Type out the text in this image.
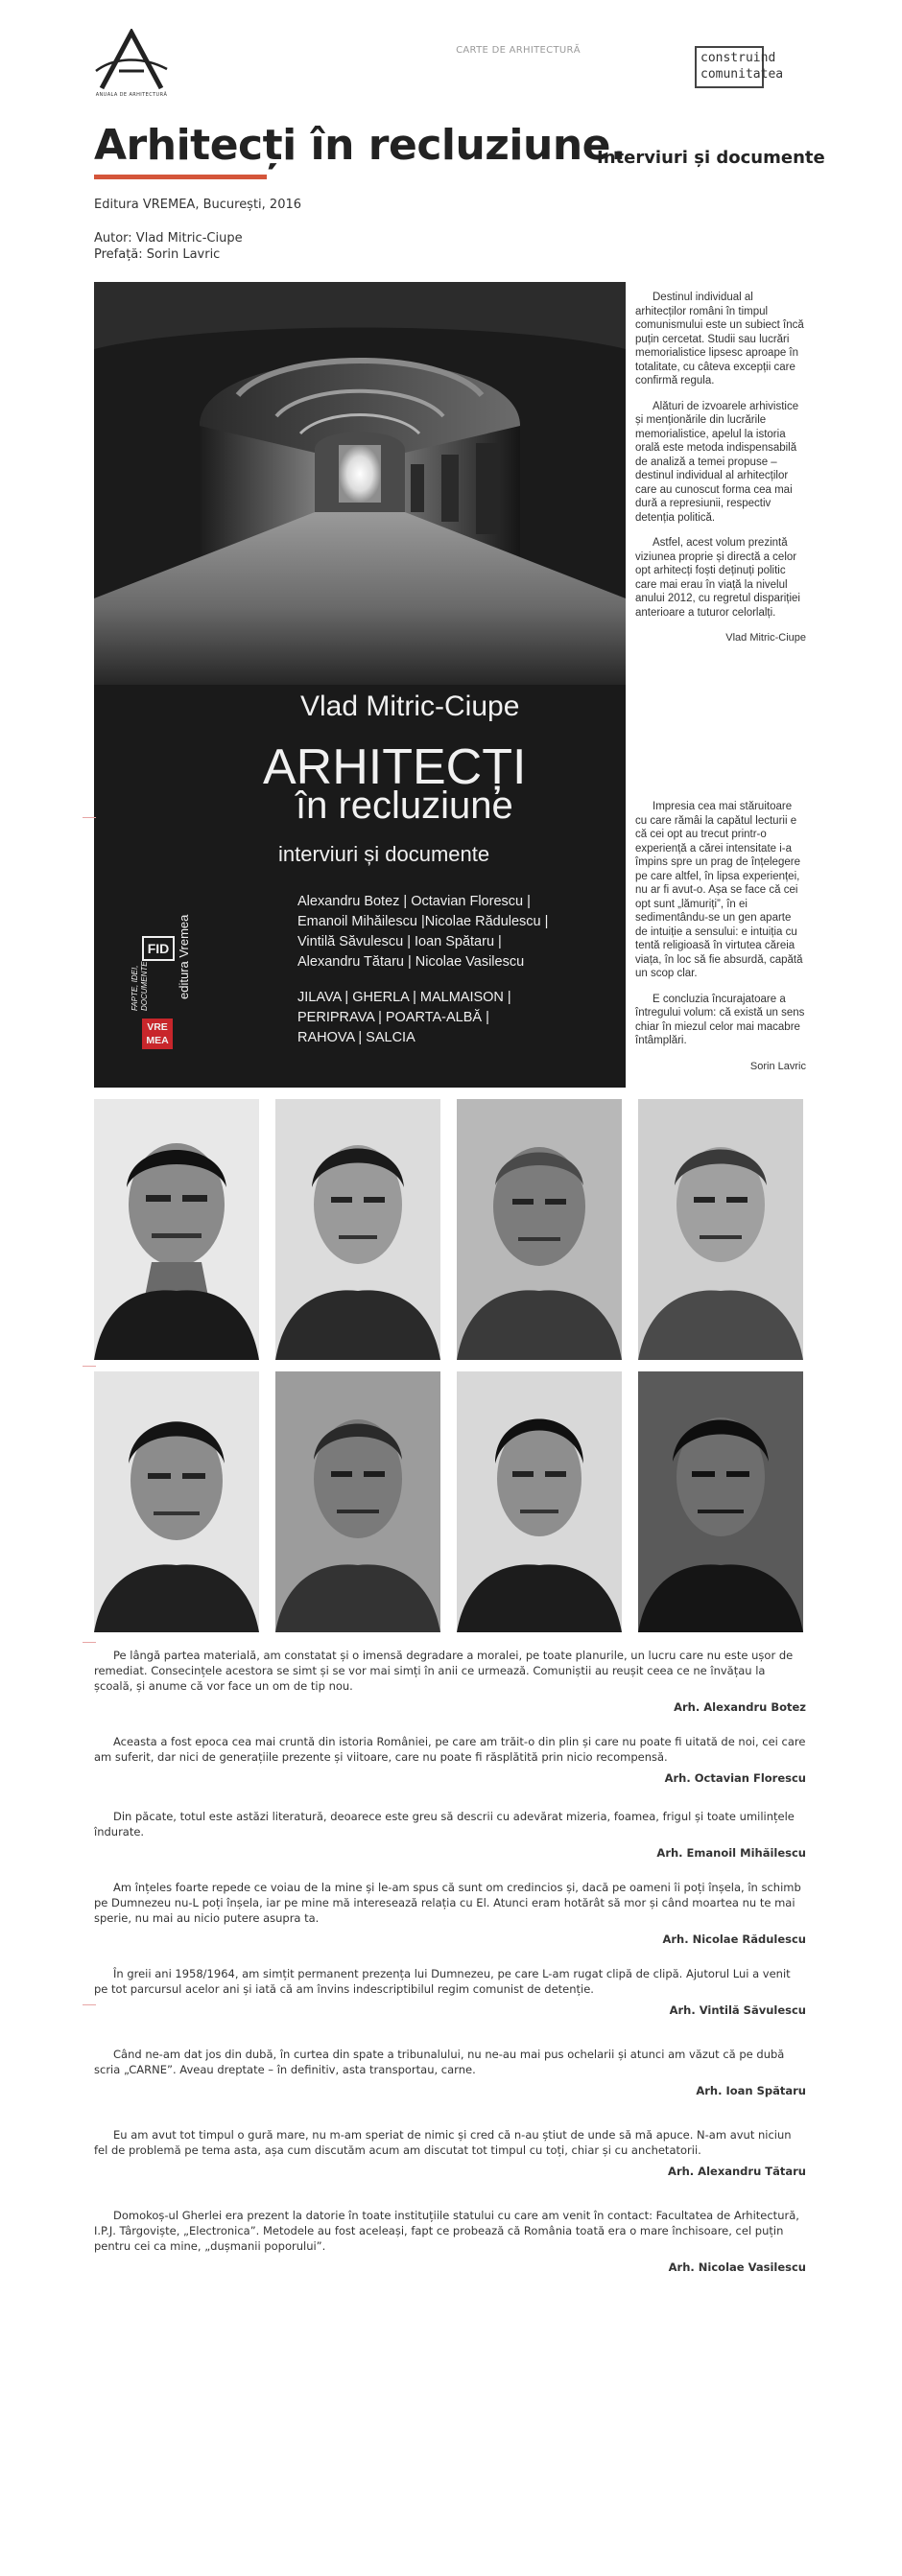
ANUALA DE ARHITECTURĂ
CARTE DE ARHITECTURĂ
construind
comunitatea
Arhitecți în recluziune.
Interviuri și documente
Editura VREMEA, București, 2016
Autor: Vlad Mitric-Ciupe
Prefață: Sorin Lavric
Vlad Mitric-Ciupe
ARHITECȚI
în recluziune
interviuri și documente
Alexandru Botez | Octavian Florescu |
Emanoil Mihăilescu |Nicolae Rădulescu |
Vintilă Săvulescu | Ioan Spătaru |
Alexandru Tătaru | Nicolae Vasilescu
JILAVA | GHERLA | MALMAISON |
PERIPRAVA | POARTA-ALBĂ |
RAHOVA | SALCIA
FID
FAPTE, IDEI, DOCUMENTE editura Vremea
VRE
MEA

Destinul individual al arhitecților români în timpul comunismului este un subiect încă puțin cercetat. Studii sau lucrări memorialistice lipsesc aproape în totalitate, cu câteva excepții care confirmă regula.

Alături de izvoarele arhivistice și menționările din lucrările memorialistice, apelul la istoria orală este metoda indispensabilă de analiză a temei propuse – destinul individual al arhitecților care au cunoscut forma cea mai dură a represiunii, respectiv detenția politică.

Astfel, acest volum prezintă viziunea proprie și directă a celor opt arhitecți foști deținuți politic care mai erau în viață la nivelul anului 2012, cu regretul dispariției anterioare a tuturor celorlalți.

Vlad Mitric-Ciupe

Impresia cea mai stăruitoare cu care rămâi la capătul lecturii e că cei opt au trecut printr-o experiență a cărei intensitate i-a împins spre un prag de înțelegere pe care altfel, în lipsa experienței, nu ar fi avut-o. Așa se face că cei opt sunt „lămuriți”, în ei sedimentându-se un gen aparte de intuiție a sensului: e intuiția cu tentă religioasă în virtutea căreia viața, în loc să fie absurdă, capătă un scop clar.

E concluzia încurajatoare a întregului volum: că există un sens chiar în miezul celor mai macabre întâmplări.

Sorin Lavric

Pe lângă partea materială, am constatat și o imensă degradare a moralei, pe toate planurile, un lucru care nu este ușor de remediat. Consecințele acestora se simt și se vor mai simți în anii ce urmează. Comuniștii au reușit ceea ce ne învățau la școală, și anume că vor face un om de tip nou.

Arh. Alexandru Botez

Aceasta a fost epoca cea mai cruntă din istoria României, pe care am trăit-o din plin și care nu poate fi uitată de noi, cei care am suferit, dar nici de generațiile prezente și viitoare, care nu poate fi răsplătită prin nicio recompensă.

Arh. Octavian Florescu

Din păcate, totul este astăzi literatură, deoarece este greu să descrii cu adevărat mizeria, foamea, frigul și toate umilințele îndurate.

Arh. Emanoil Mihăilescu

Am înțeles foarte repede ce voiau de la mine și le-am spus că sunt om credincios și, dacă pe oameni îi poți înșela, în schimb pe Dumnezeu nu-L poți înșela, iar pe mine mă interesează relația cu El. Atunci eram hotărât să mor și când moartea nu te mai sperie, nu mai au nicio putere asupra ta.

Arh. Nicolae Rădulescu

În greii ani 1958/1964, am simțit permanent prezența lui Dumnezeu, pe care L-am rugat clipă de clipă. Ajutorul Lui a venit pe tot parcursul acelor ani și iată că am învins indescriptibilul regim comunist de detenție.

Arh. Vintilă Săvulescu

Când ne-am dat jos din dubă, în curtea din spate a tribunalului, nu ne-au mai pus ochelarii și atunci am văzut că pe dubă scria „CARNE”. Aveau dreptate – în definitiv, asta transportau, carne.

Arh. Ioan Spătaru

Eu am avut tot timpul o gură mare, nu m-am speriat de nimic și cred că n-au știut de unde să mă apuce. N-am avut niciun fel de problemă pe tema asta, așa cum discutăm acum am discutat tot timpul cu toți, chiar și cu anchetatorii.

Arh. Alexandru Tătaru

Domokoș-ul Gherlei era prezent la datorie în toate instituțiile statului cu care am venit în contact: Facultatea de Arhitectură, I.P.J. Târgoviște, „Electronica”. Metodele au fost aceleași, fapt ce probează că România toată era o mare închisoare, cel puțin pentru cei ca mine, „dușmanii poporului”.

Arh. Nicolae Vasilescu
